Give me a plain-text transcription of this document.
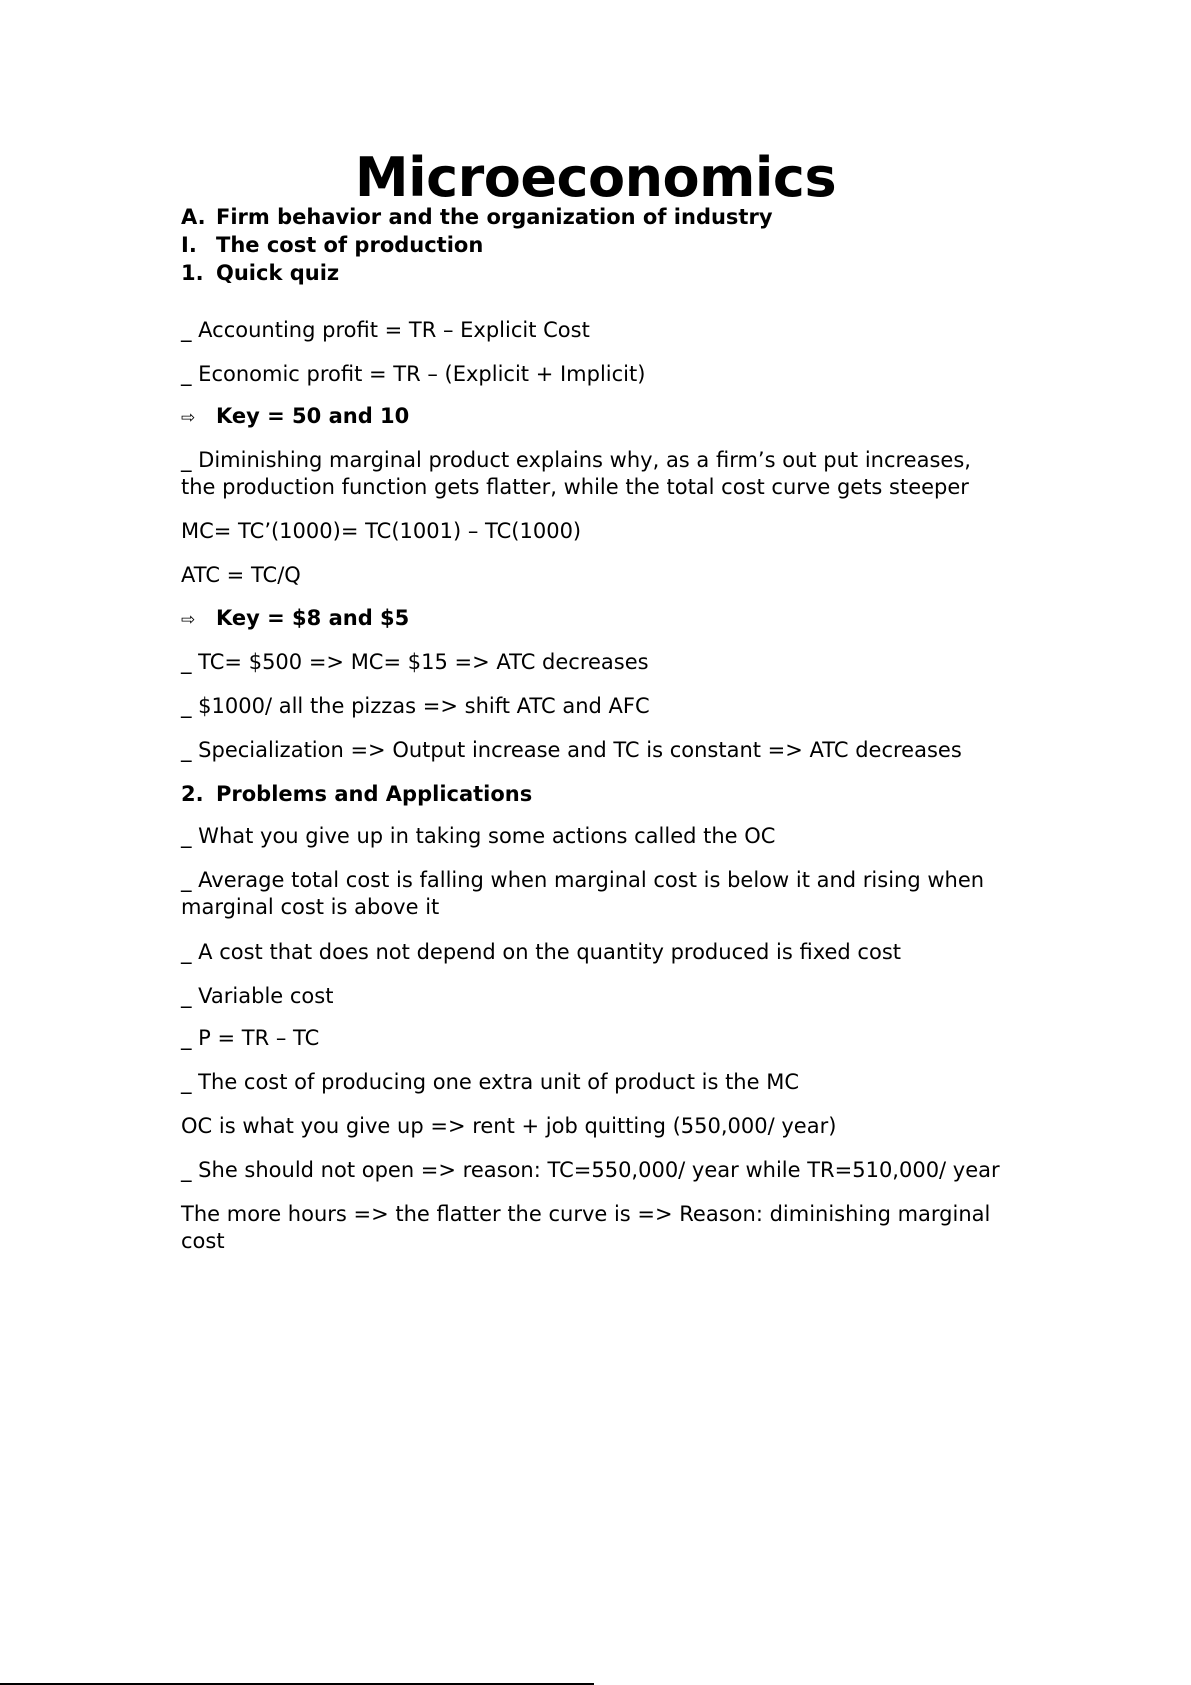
Microeconomics
A. Firm behavior and the organization of industry
I. The cost of production
1. Quick quiz
_ Accounting profit = TR – Explicit Cost
_ Economic profit = TR – (Explicit + Implicit)
⇨ Key = 50 and 10
_ Diminishing marginal product explains why, as a firm’s out put increases,
the production function gets flatter, while the total cost curve gets steeper
MC= TC’(1000)= TC(1001) – TC(1000)
ATC = TC/Q
⇨ Key = $8 and $5
_ TC= $500 => MC= $15 => ATC decreases
_ $1000/ all the pizzas => shift ATC and AFC
_ Specialization => Output increase and TC is constant => ATC decreases
2. Problems and Applications
_ What you give up in taking some actions called the OC
_ Average total cost is falling when marginal cost is below it and rising when
marginal cost is above it
_ A cost that does not depend on the quantity produced is fixed cost
_ Variable cost
_ P = TR – TC
_ The cost of producing one extra unit of product is the MC
OC is what you give up => rent + job quitting (550,000/ year)
_ She should not open => reason: TC=550,000/ year while TR=510,000/ year
The more hours => the flatter the curve is => Reason: diminishing marginal
cost
